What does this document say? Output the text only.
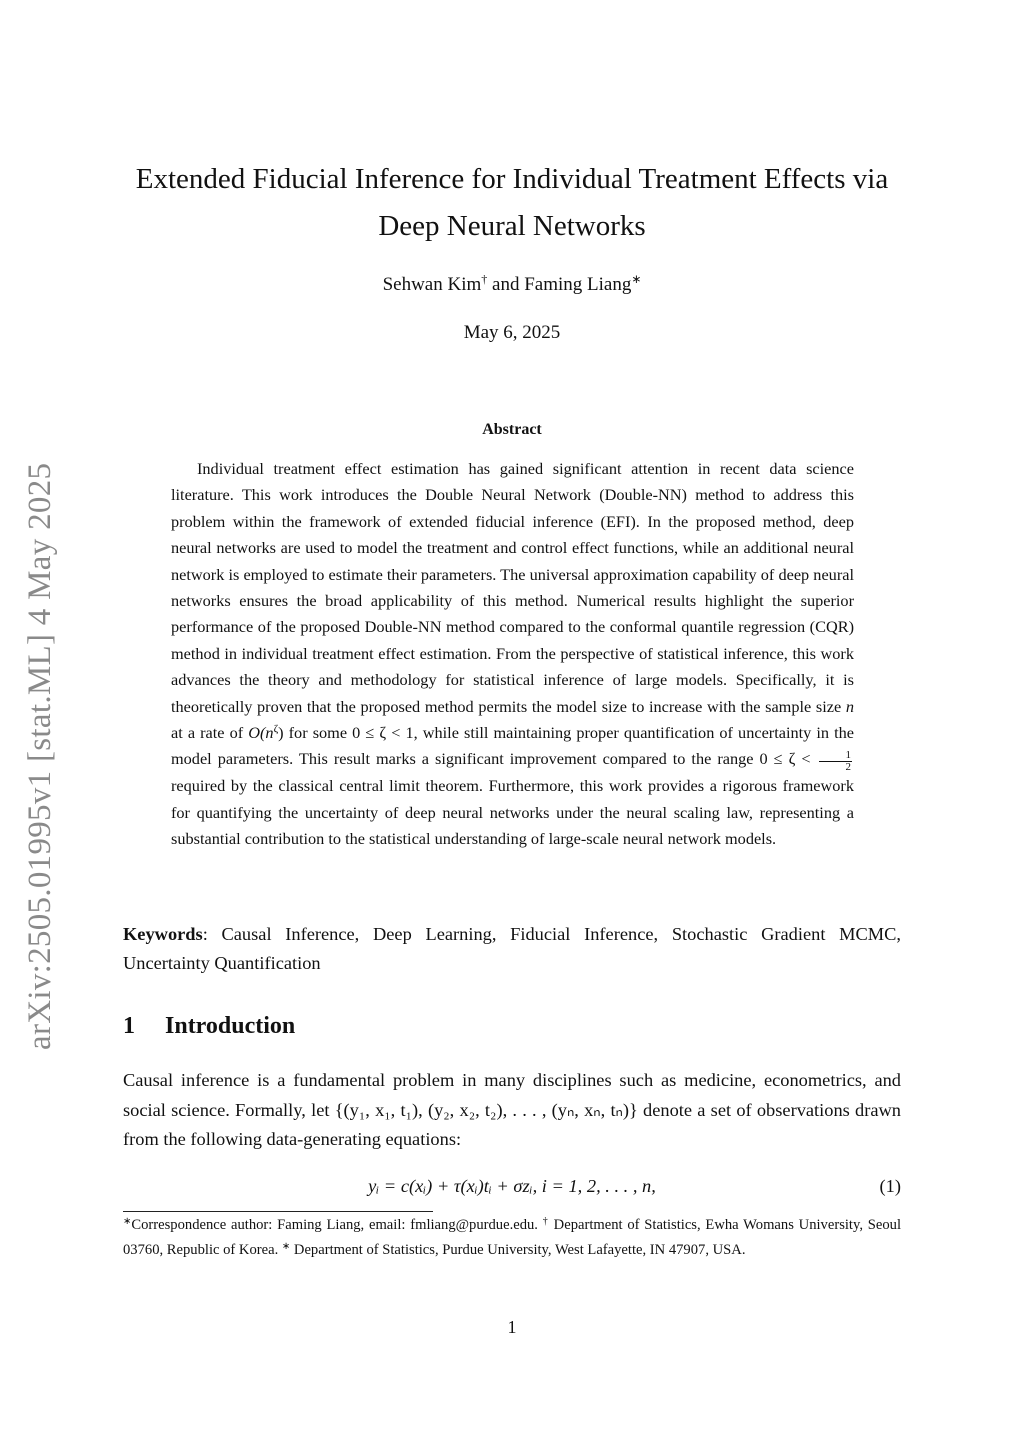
arXiv:2505.01995v1 [stat.ML] 4 May 2025
Extended Fiducial Inference for Individual Treatment Effects via Deep Neural Networks
Sehwan Kim† and Faming Liang∗
May 6, 2025
Abstract
Individual treatment effect estimation has gained significant attention in recent data science literature. This work introduces the Double Neural Network (Double-NN) method to address this problem within the framework of extended fiducial inference (EFI). In the proposed method, deep neural networks are used to model the treatment and control effect functions, while an additional neural network is employed to estimate their parameters. The universal approximation capability of deep neural networks ensures the broad applicability of this method. Numerical results highlight the superior performance of the proposed Double-NN method compared to the conformal quantile regression (CQR) method in individual treatment effect estimation. From the perspective of statistical inference, this work advances the theory and methodology for statistical inference of large models. Specifically, it is theoretically proven that the proposed method permits the model size to increase with the sample size n at a rate of $O(n^\zeta)$ for some 0 ≤ ζ < 1, while still maintaining proper quantification of uncertainty in the model parameters. This result marks a significant improvement compared to the range $0 \le \zeta < \frac{1}{2}$
required by the classical central limit theorem. Furthermore, this work provides a rigorous framework for quantifying the uncertainty of deep neural networks under the neural scaling law, representing a substantial contribution to the statistical understanding of large-scale neural network models.
Keywords: Causal Inference, Deep Learning, Fiducial Inference, Stochastic Gradient MCMC, Uncertainty Quantification
1 Introduction
Causal inference is a fundamental problem in many disciplines such as medicine, econometrics, and social science. Formally, let {(y₁, x₁, t₁), (y₂, x₂, t₂), . . . , (yₙ, xₙ, tₙ)} denote a set of observations drawn from the following data-generating equations:
yᵢ = c(xᵢ) + τ(xᵢ)tᵢ + σzᵢ, i = 1, 2, . . . , n,	(1)
∗Correspondence author: Faming Liang, email: fmliang@purdue.edu. † Department of Statistics, Ewha Womans University, Seoul 03760, Republic of Korea. ∗ Department of Statistics, Purdue University, West Lafayette, IN 47907, USA.
1
